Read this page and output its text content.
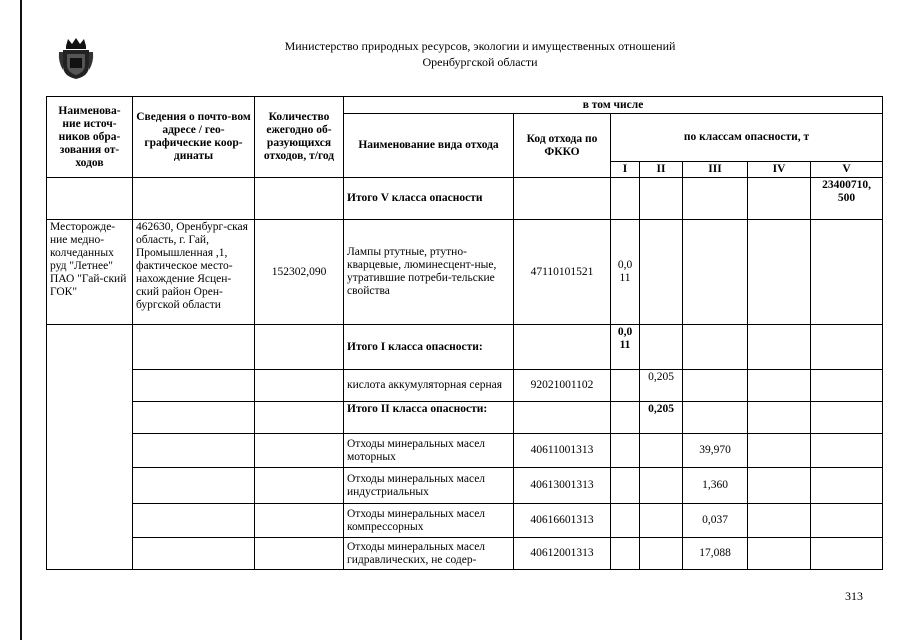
Министерство природных ресурсов, экологии и имущественных отношений
Оренбургской области
Наименова-ние источ-ников обра-зования от-ходов	Сведения о почто-вом адресе / гео-графические коор-динаты	Количество ежегодно об-разующихся отходов, т/год	в том числе						
			Наименование вида отхода	Код отхода по ФККО	по классам опасности, т				
					I	II	III	IV	V
			Итого V класса опасности						23400710, 500
Месторожде-ние медно-колчеданных руд "Летнее" ПАО "Гай-ский ГОК"	462630, Оренбург-ская область, г. Гай, Промышленная ,1, фактическое место-нахождение Ясцен-ский район Орен-бургской области	152302,090	Лампы ртутные, ртутно-кварцевые, люминесцент-ные, утратившие потреби-тельские свойства	47110101521	0,0 11				
			Итого I класса опасности:		0,0 11				
			кислота аккумуляторная серная	92021001102		0,205			
			Итого II класса опасности:			0,205			
			Отходы минеральных масел моторных	40611001313			39,970		
			Отходы минеральных масел индустриальных	40613001313			1,360		
			Отходы минеральных масел компрессорных	40616601313			0,037		
			Отходы минеральных масел гидравлических, не содер-	40612001313			17,088		
313
